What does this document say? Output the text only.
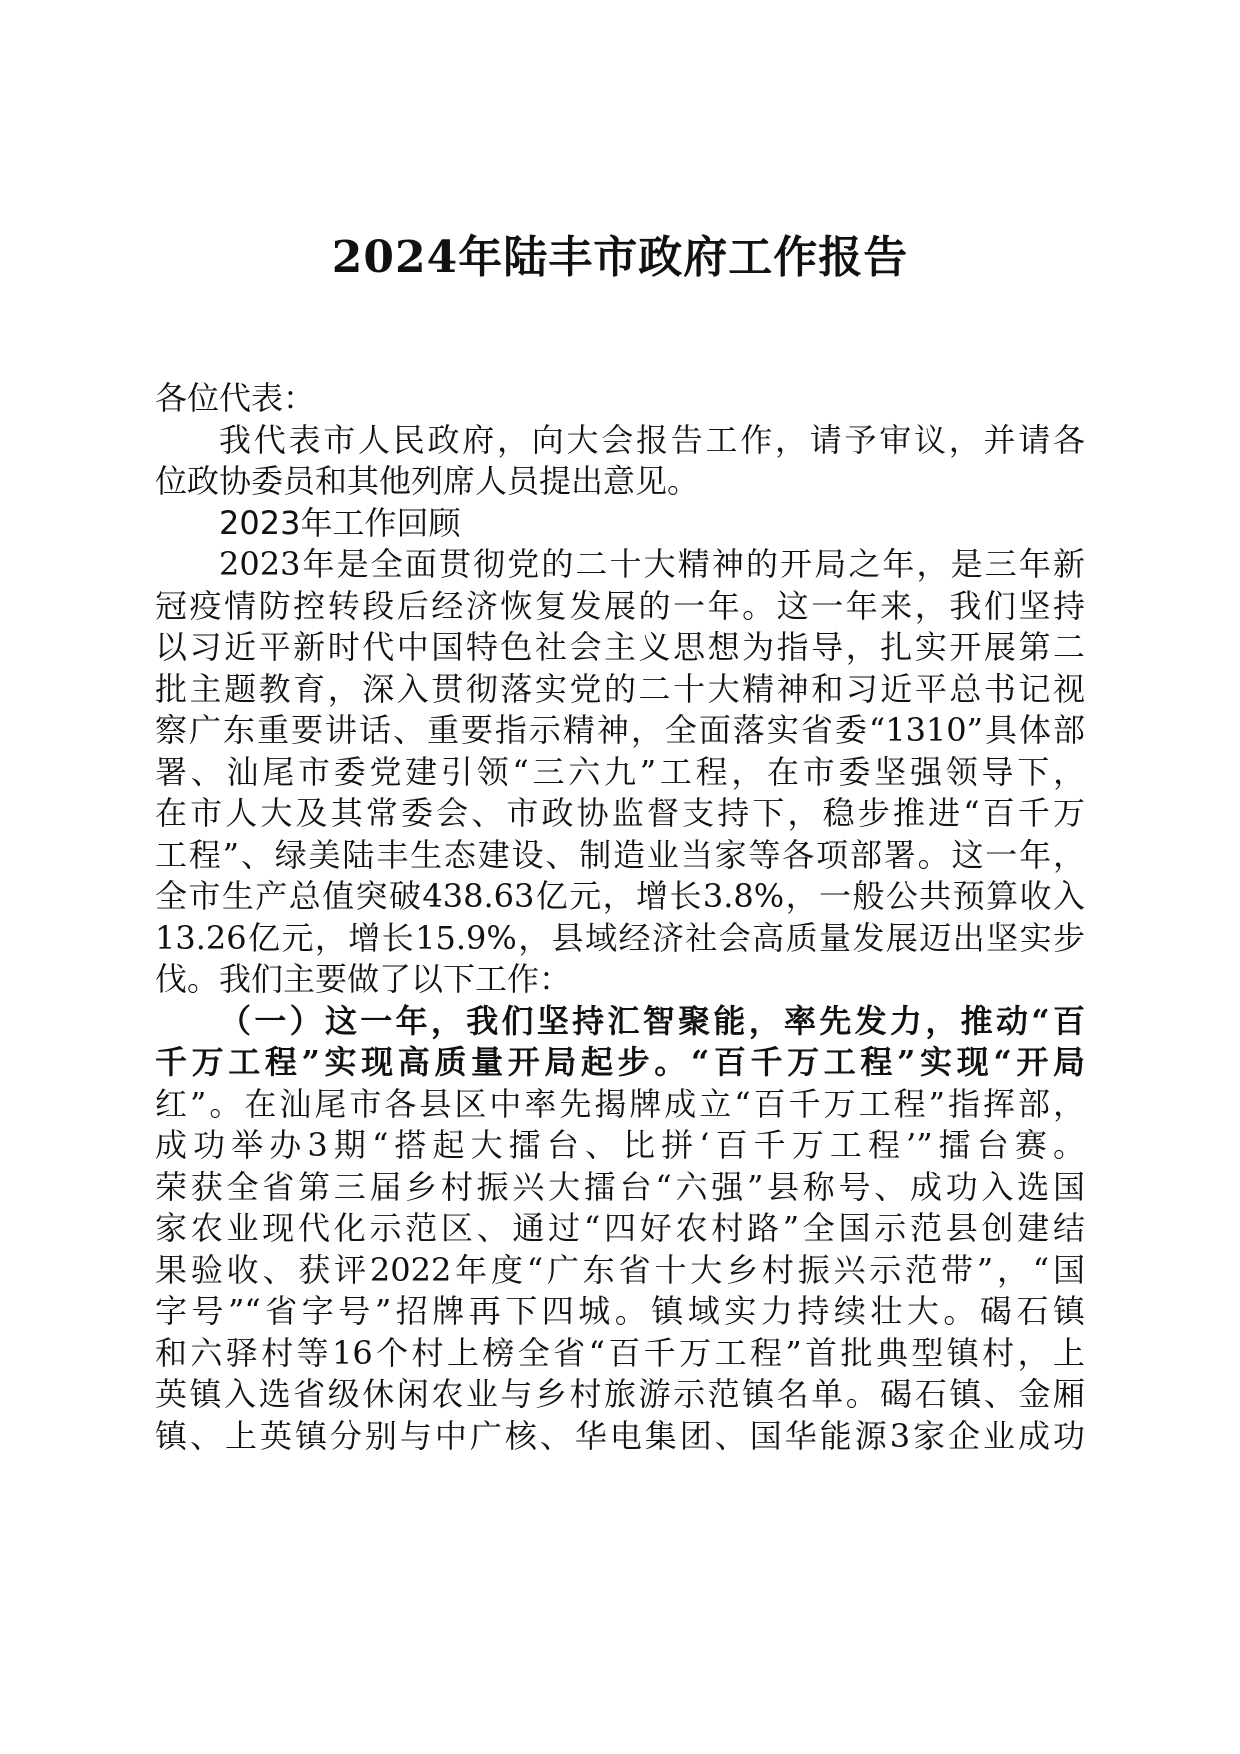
2024年陆丰市政府工作报告
各位代表：
我代表市人民政府，向大会报告工作，请予审议，并请各
位政协委员和其他列席人员提出意见。
2023年工作回顾
2023年是全面贯彻党的二十大精神的开局之年，是三年新
冠疫情防控转段后经济恢复发展的一年。这一年来，我们坚持
以习近平新时代中国特色社会主义思想为指导，扎实开展第二
批主题教育，深入贯彻落实党的二十大精神和习近平总书记视
察广东重要讲话、重要指示精神，全面落实省委“1310”具体部
署、汕尾市委党建引领“三六九”工程，在市委坚强领导下，
在市人大及其常委会、市政协监督支持下，稳步推进“百千万
工程”、绿美陆丰生态建设、制造业当家等各项部署。这一年，
全市生产总值突破438.63亿元，增长3.8%，一般公共预算收入
13.26亿元，增长15.9%，县域经济社会高质量发展迈出坚实步
伐。我们主要做了以下工作：
（一）这一年，我们坚持汇智聚能，率先发力，推动“百
千万工程”实现高质量开局起步。“百千万工程”实现“开局
红”。在汕尾市各县区中率先揭牌成立“百千万工程”指挥部，
成功举办3期“搭起大擂台、比拼‘百千万工程’”擂台赛。
荣获全省第三届乡村振兴大擂台“六强”县称号、成功入选国
家农业现代化示范区、通过“四好农村路”全国示范县创建结
果验收、获评2022年度“广东省十大乡村振兴示范带”，“国
字号”“省字号”招牌再下四城。镇域实力持续壮大。碣石镇
和六驿村等16个村上榜全省“百千万工程”首批典型镇村，上
英镇入选省级休闲农业与乡村旅游示范镇名单。碣石镇、金厢
镇、上英镇分别与中广核、华电集团、国华能源3家企业成功
